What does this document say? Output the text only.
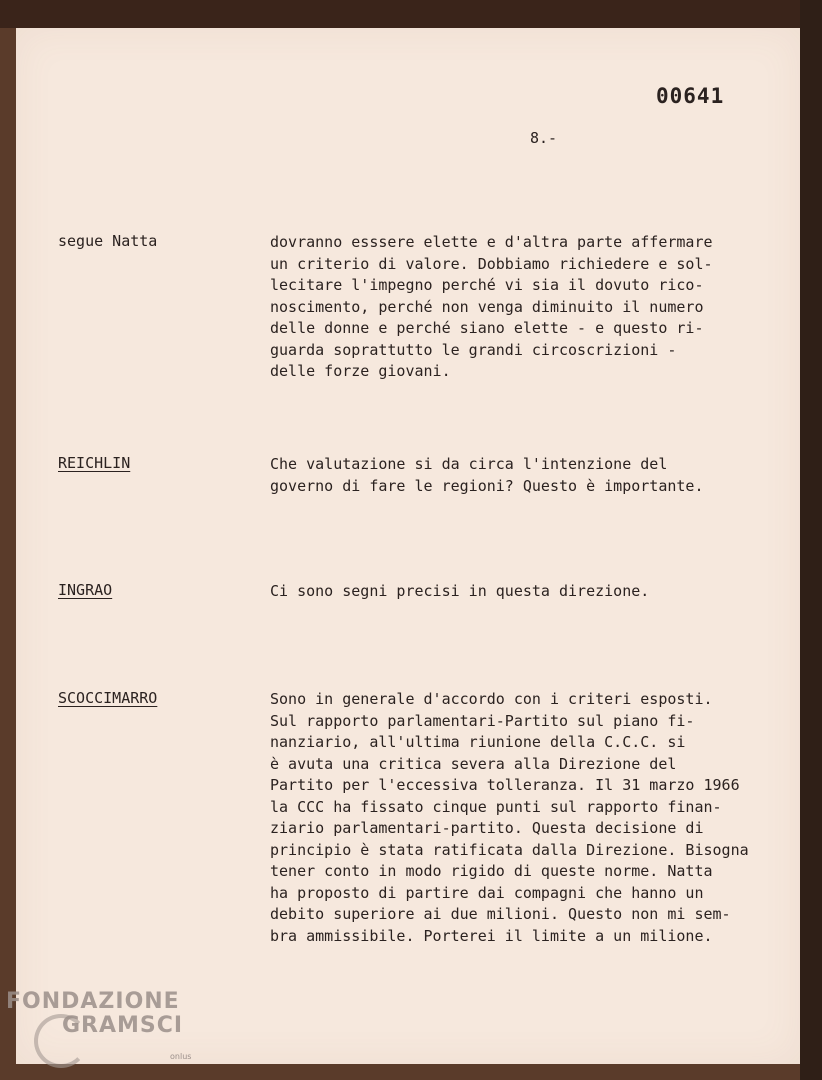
00641
8.-
segue Natta	dovranno esssere elette e d'altra parte affermare
un criterio di valore. Dobbiamo richiedere e sol-
lecitare l'impegno perché vi sia il dovuto rico-
noscimento, perché non venga diminuito il numero
delle donne e perché siano elette - e questo ri-
guarda soprattutto le grandi circoscrizioni -
delle forze giovani.
REICHLIN	Che valutazione si da circa l'intenzione del
governo di fare le regioni? Questo è importante.
INGRAO	Ci sono segni precisi in questa direzione.
SCOCCIMARRO	Sono in generale d'accordo con i criteri esposti.
Sul rapporto parlamentari-Partito sul piano fi-
nanziario, all'ultima riunione della C.C.C. si
è avuta una critica severa alla Direzione del
Partito per l'eccessiva tolleranza. Il 31 marzo 1966
la CCC ha fissato cinque punti sul rapporto finan-
ziario parlamentari-partito. Questa decisione di
principio è stata ratificata dalla Direzione. Bisogna
tener conto in modo rigido di queste norme. Natta
ha proposto di partire dai compagni che hanno un
debito superiore ai due milioni. Questo non mi sem-
bra ammissibile. Porterei il limite a un milione.
FONDAZIONE
GRAMSCI
onlus
